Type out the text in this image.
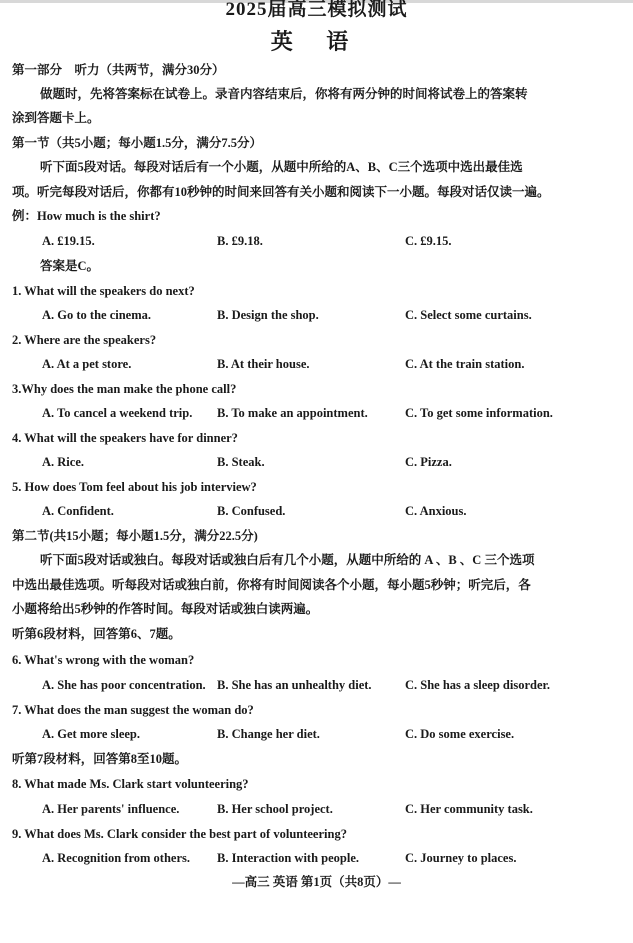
2025届高三模拟测试
英 语
第一部分　听力（共两节，满分30分）
做题时，先将答案标在试卷上。录音内容结束后，你将有两分钟的时间将试卷上的答案转
涂到答题卡上。
第一节（共5小题；每小题1.5分，满分7.5分）
听下面5段对话。每段对话后有一个小题，从题中所给的A、B、C三个选项中选出最佳选
项。听完每段对话后，你都有10秒钟的时间来回答有关小题和阅读下一小题。每段对话仅读一遍。
例：How much is the shirt?
A. £19.15.	B. £9.18.	C. £9.15.
答案是C。
1. What will the speakers do next?
A. Go to the cinema.	B. Design the shop.	C. Select some curtains.
2. Where are the speakers?
A. At a pet store.	B. At their house.	C. At the train station.
3.Why does the man make the phone call?
A. To cancel a weekend trip. B. To make an appointment.	C. To get some information.
4. What will the speakers have for dinner?
A. Rice.	B. Steak.	C. Pizza.
5. How does Tom feel about his job interview?
A. Confident.	B. Confused.	C. Anxious.
第二节(共15小题；每小题1.5分，满分22.5分)
听下面5段对话或独白。每段对话或独白后有几个小题，从题中所给的 A 、B 、C 三个选项
中选出最佳选项。听每段对话或独白前，你将有时间阅读各个小题，每小题5秒钟；听完后，各
小题将给出5秒钟的作答时间。每段对话或独白读两遍。
听第6段材料，回答第6、7题。
6. What's wrong with the woman?
A. She has poor concentration. B. She has an unhealthy diet.	C. She has a sleep disorder.
7. What does the man suggest the woman do?
A. Get more sleep.	B. Change her diet.	C. Do some exercise.
听第7段材料，回答第8至10题。
8. What made Ms. Clark start volunteering?
A. Her parents' influence.	B. Her school project.	C. Her community task.
9. What does Ms. Clark consider the best part of volunteering?
A. Recognition from others. B. Interaction with people.	C. Journey to places.
—高三 英语 第1页（共8页）—
